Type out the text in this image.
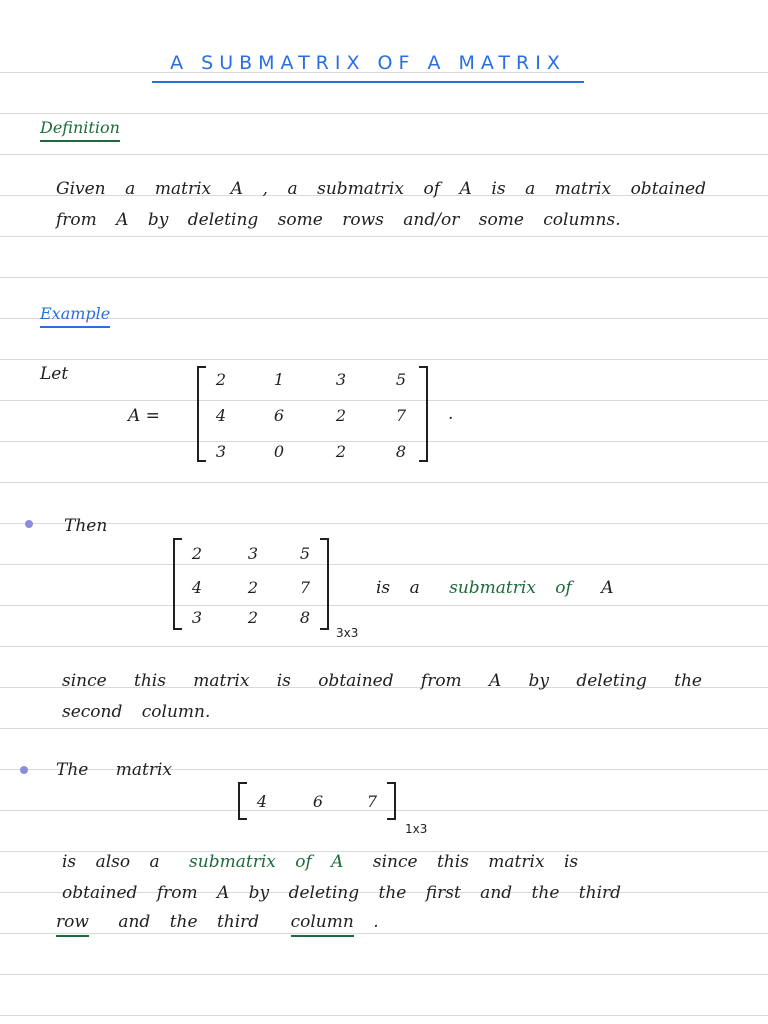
A SUBMATRIX OF A MATRIX
Definition
Given a matrix A , a submatrix of A is a matrix obtained from A by deleting some rows and/or some columns.
Example
Let
A =
2	1	3	5
4	6	2	7
3	0	2	8
.
Then
2	3	5
4	2	7
3	2	8
3x3
is a submatrix of A
since this matrix is obtained from A by deleting the second column.
The matrix
4	6	7
1x3
is also a submatrix of A since this matrix is
obtained from A by deleting the first and the third
row and the third column .
